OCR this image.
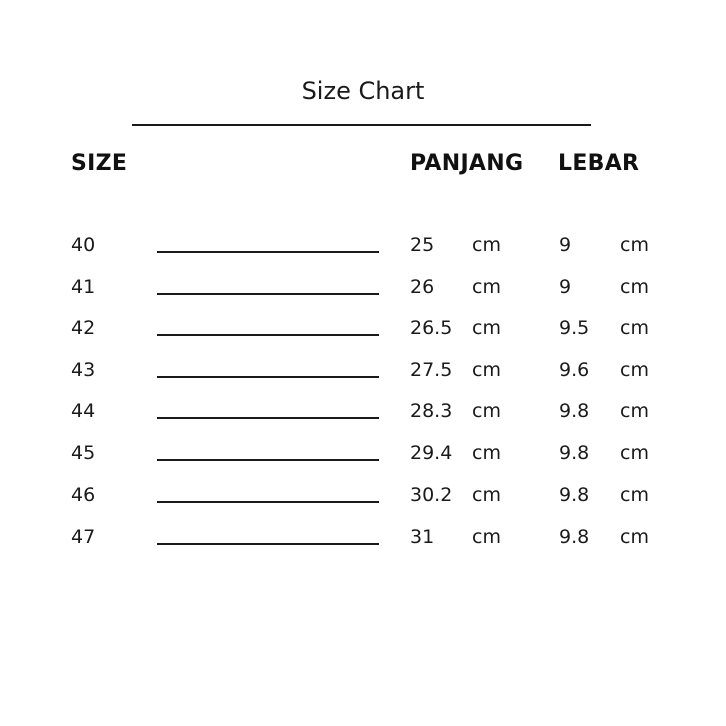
Size Chart
SIZE	PANJANG LEBAR
40	25 cm	9	cm
41	26 cm	9	cm
42	26.5 cm	9.5 cm
43	27.5 cm	9.6 cm
44	28.3 cm	9.8 cm
45	29.4 cm	9.8 cm
46	30.2 cm	9.8 cm
47	31 cm	9.8 cm
